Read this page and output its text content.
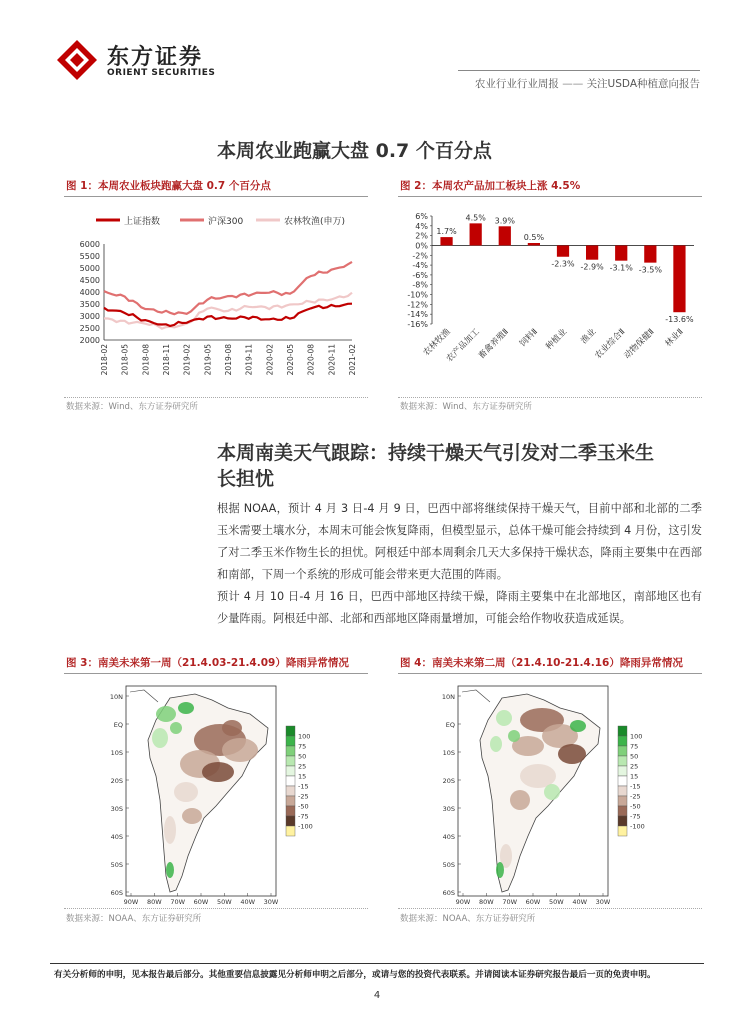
东方证券
ORIENT SECURITIES
农业行业行业周报 —— 关注USDA种植意向报告
本周农业跑赢大盘 0.7 个百分点
图 1：本周农业板块跑赢大盘 0.7 个百分点
上证指数	沪深300	农林牧渔(申万)
2000
2500
3000
3500
4000
4500
5000
5500
6000
2018-02 2018-05 2018-08 2018-11 2019-02 2019-05 2019-08 2019-11 2020-02 2020-05 2020-08 2020-11 2021-02
数据来源：Wind、东方证券研究所
图 2：本周农产品加工板块上涨 4.5%
6%
4%
2%
0%
-2%
-4%
-6%
-8%
-10%
-12%
-14%
-16%
1.7%
4.5% 3.9%
0.5%
-2.3% -2.9% -3.1% -3.5%
-13.6%
农林牧渔
农产品加工
畜禽养殖Ⅱ 饲料Ⅱ 种植业 渔业
农业综合Ⅱ
动物保健Ⅱ 林业Ⅱ
数据来源：Wind、东方证券研究所
本周南美天气跟踪：持续干燥天气引发对二季玉米生
长担忧
根据 NOAA，预计 4 月 3 日-4 月 9 日，巴西中部将继续保持干燥天气，目前中部和北部的二季玉米需要土壤水分，本周末可能会恢复降雨，但模型显示，总体干燥可能会持续到 4 月份，这引发了对二季玉米作物生长的担忧。阿根廷中部本周剩余几天大多保持干燥状态，降雨主要集中在西部和南部，下周一个系统的形成可能会带来更大范围的阵雨。
预计 4 月 10 日-4 月 16 日，巴西中部地区持续干燥，降雨主要集中在北部地区，南部地区也有少量阵雨。阿根廷中部、北部和西部地区降雨量增加，可能会给作物收获造成延误。
图 3：南美未来第一周（21.4.03-21.4.09）降雨异常情况
10N
EQ
10S
20S
30S
40S
50S
60S
90W 80W 70W 60W 50W 40W 30W
100
75
50
25
15
-15
-25
-50
-75
-100
数据来源：NOAA、东方证券研究所
图 4：南美未来第二周（21.4.10-21.4.16）降雨异常情况
10N
EQ
10S
20S
30S
40S
50S
60S
90W 80W 70W 60W 50W 40W 30W
100
75
50
25
15
-15
-25
-50
-75
-100
数据来源：NOAA、东方证券研究所
有关分析师的申明，见本报告最后部分。其他重要信息披露见分析师申明之后部分，或请与您的投资代表联系。并请阅读本证券研究报告最后一页的免责申明。
4
